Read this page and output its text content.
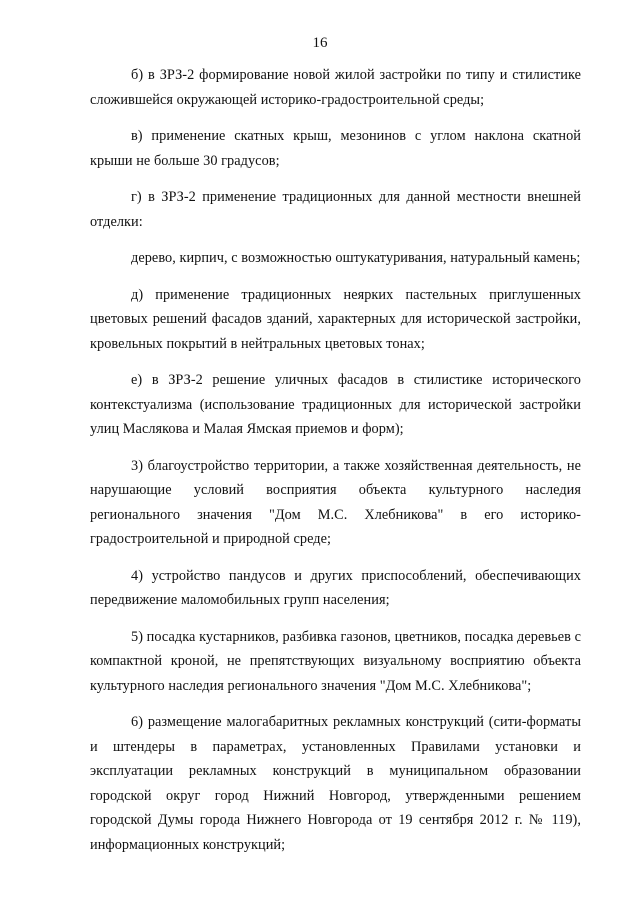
16

б) в ЗРЗ-2 формирование новой жилой застройки по типу и стилистике сложившейся окружающей историко-градостроительной среды;

в) применение скатных крыш, мезонинов с углом наклона скатной крыши не больше 30 градусов;

г) в ЗРЗ-2 применение традиционных для данной местности внешней отделки:

дерево, кирпич, с возможностью оштукатуривания, натуральный камень;

д) применение традиционных неярких пастельных приглушенных цветовых решений фасадов зданий, характерных для исторической застройки, кровельных покрытий в нейтральных цветовых тонах;

е) в ЗРЗ-2 решение уличных фасадов в стилистике исторического контекстуализма (использование традиционных для исторической застройки улиц Маслякова и Малая Ямская приемов и форм);

3) благоустройство территории, а также хозяйственная деятельность, не нарушающие условий восприятия объекта культурного наследия регионального значения "Дом М.С. Хлебникова" в его историко-градостроительной и природной среде;

4) устройство пандусов и других приспособлений, обеспечивающих передвижение маломобильных групп населения;

5) посадка кустарников, разбивка газонов, цветников, посадка деревьев с компактной кроной, не препятствующих визуальному восприятию объекта культурного наследия регионального значения "Дом М.С. Хлебникова";

6) размещение малогабаритных рекламных конструкций (сити-форматы и штендеры в параметрах, установленных Правилами установки и эксплуатации рекламных конструкций в муниципальном образовании городской округ город Нижний Новгород, утвержденными решением городской Думы города Нижнего Новгорода от 19 сентября 2012 г. № 119), информационных конструкций;
